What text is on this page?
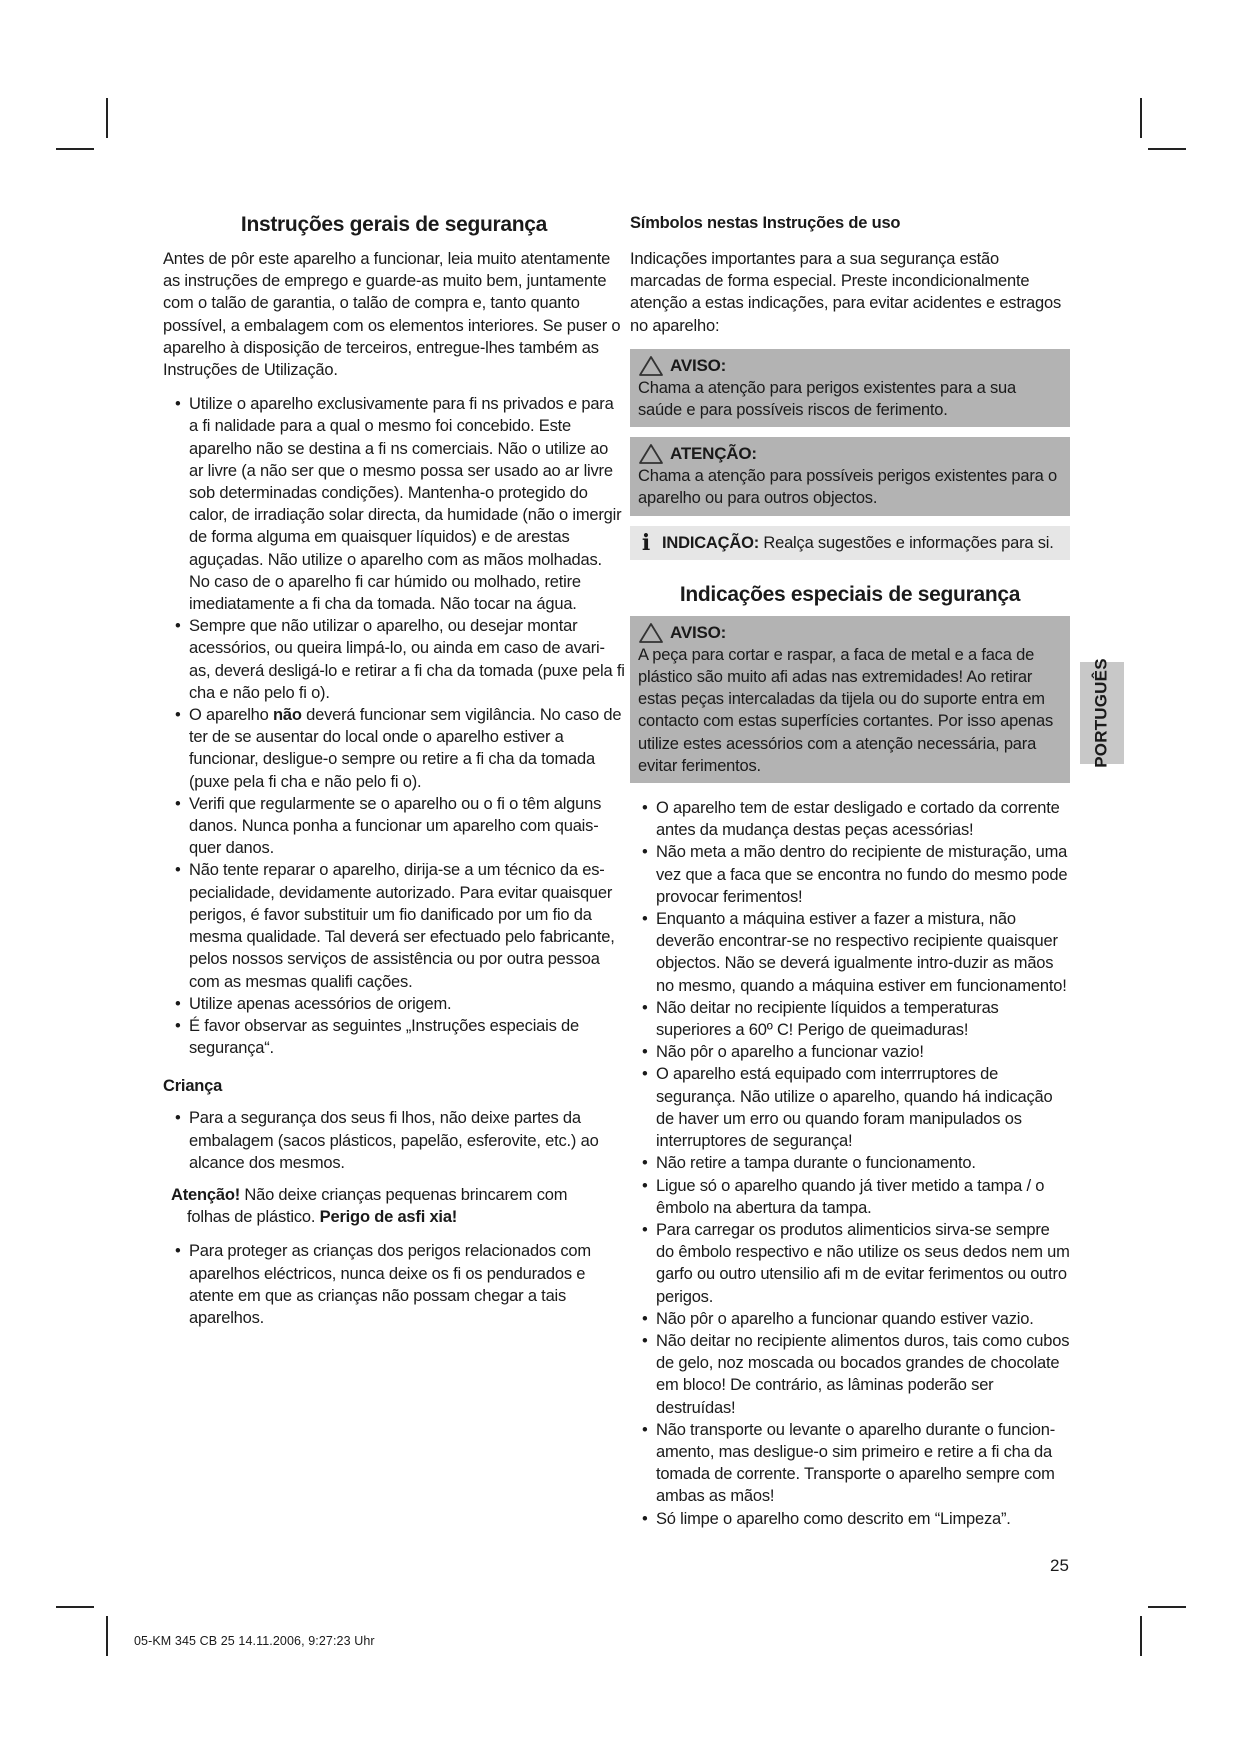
Instruções gerais de segurança

Antes de pôr este aparelho a funcionar, leia muito atentamente as instruções de emprego e guarde-as muito bem, juntamente com o talão de garantia, o talão de compra e, tanto quanto possível, a embalagem com os elementos interiores. Se puser o aparelho à disposição de terceiros, entregue-lhes também as Instruções de Utilização.

• Utilize o aparelho exclusivamente para fi ns privados e para a fi nalidade para a qual o mesmo foi concebido. Este aparelho não se destina a fi ns comerciais. Não o utilize ao ar livre (a não ser que o mesmo possa ser usado ao ar livre sob determinadas condições). Mantenha-o protegido do calor, de irradiação solar directa, da humidade (não o imergir de forma alguma em quaisquer líquidos) e de arestas aguçadas. Não utilize o aparelho com as mãos molhadas. No caso de o aparelho fi car húmido ou molhado, retire imediatamente a fi cha da tomada. Não tocar na água.
• Sempre que não utilizar o aparelho, ou desejar montar acessórios, ou queira limpá-lo, ou ainda em caso de avari-as, deverá desligá-lo e retirar a fi cha da tomada (puxe pela fi cha e não pelo fi o).
• O aparelho não deverá funcionar sem vigilância. No caso de ter de se ausentar do local onde o aparelho estiver a funcionar, desligue-o sempre ou retire a fi cha da tomada (puxe pela fi cha e não pelo fi o).
• Verifi que regularmente se o aparelho ou o fi o têm alguns danos. Nunca ponha a funcionar um aparelho com quais-quer danos.
• Não tente reparar o aparelho, dirija-se a um técnico da es-pecialidade, devidamente autorizado. Para evitar quaisquer perigos, é favor substituir um fio danificado por um fio da mesma qualidade. Tal deverá ser efectuado pelo fabricante, pelos nossos serviços de assistência ou por outra pessoa com as mesmas qualifi cações.
• Utilize apenas acessórios de origem.
• É favor observar as seguintes „Instruções especiais de segurança“.
Criança
• Para a segurança dos seus fi lhos, não deixe partes da embalagem (sacos plásticos, papelão, esferovite, etc.) ao alcance dos mesmos.
Atenção! Não deixe crianças pequenas brincarem com
folhas de plástico. Perigo de asfi xia!
• Para proteger as crianças dos perigos relacionados com aparelhos eléctricos, nunca deixe os fi os pendurados e atente em que as crianças não possam chegar a tais aparelhos.
Símbolos nestas Instruções de uso

Indicações importantes para a sua segurança estão marcadas de forma especial. Preste incondicionalmente atenção a estas indicações, para evitar acidentes e estragos no aparelho:

AVISO:
Chama a atenção para perigos existentes para a sua saúde e para possíveis riscos de ferimento.
ATENÇÃO:
Chama a atenção para possíveis perigos existentes para o aparelho ou para outros objectos.
i INDICAÇÃO: Realça sugestões e informações para si.
Indicações especiais de segurança
AVISO:
A peça para cortar e raspar, a faca de metal e a faca de plástico são muito afi adas nas extremidades! Ao retirar estas peças intercaladas da tijela ou do suporte entra em contacto com estas superfícies cortantes. Por isso apenas utilize estes acessórios com a atenção necessária, para evitar ferimentos.
• O aparelho tem de estar desligado e cortado da corrente antes da mudança destas peças acessórias!
• Não meta a mão dentro do recipiente de misturação, uma vez que a faca que se encontra no fundo do mesmo pode provocar ferimentos!
• Enquanto a máquina estiver a fazer a mistura, não deverão encontrar-se no respectivo recipiente quaisquer objectos. Não se deverá igualmente intro-duzir as mãos no mesmo, quando a máquina estiver em funcionamento!
• Não deitar no recipiente líquidos a temperaturas superiores a 60º C! Perigo de queimaduras!
• Não pôr o aparelho a funcionar vazio!
• O aparelho está equipado com interrruptores de segurança. Não utilize o aparelho, quando há indicação de haver um erro ou quando foram manipulados os interruptores de segurança!
• Não retire a tampa durante o funcionamento.
• Ligue só o aparelho quando já tiver metido a tampa / o êmbolo na abertura da tampa.
• Para carregar os produtos alimenticios sirva-se sempre do êmbolo respectivo e não utilize os seus dedos nem um garfo ou outro utensilio afi m de evitar ferimentos ou outro perigos.
• Não pôr o aparelho a funcionar quando estiver vazio.
• Não deitar no recipiente alimentos duros, tais como cubos de gelo, noz moscada ou bocados grandes de chocolate em bloco! De contrário, as lâminas poderão ser destruídas!
• Não transporte ou levante o aparelho durante o funcion-amento, mas desligue-o sim primeiro e retire a fi cha da tomada de corrente. Transporte o aparelho sempre com ambas as mãos!
• Só limpe o aparelho como descrito em “Limpeza”.
PORTUGUÊS
25
05-KM 345 CB 25 14.11.2006, 9:27:23 Uhr
